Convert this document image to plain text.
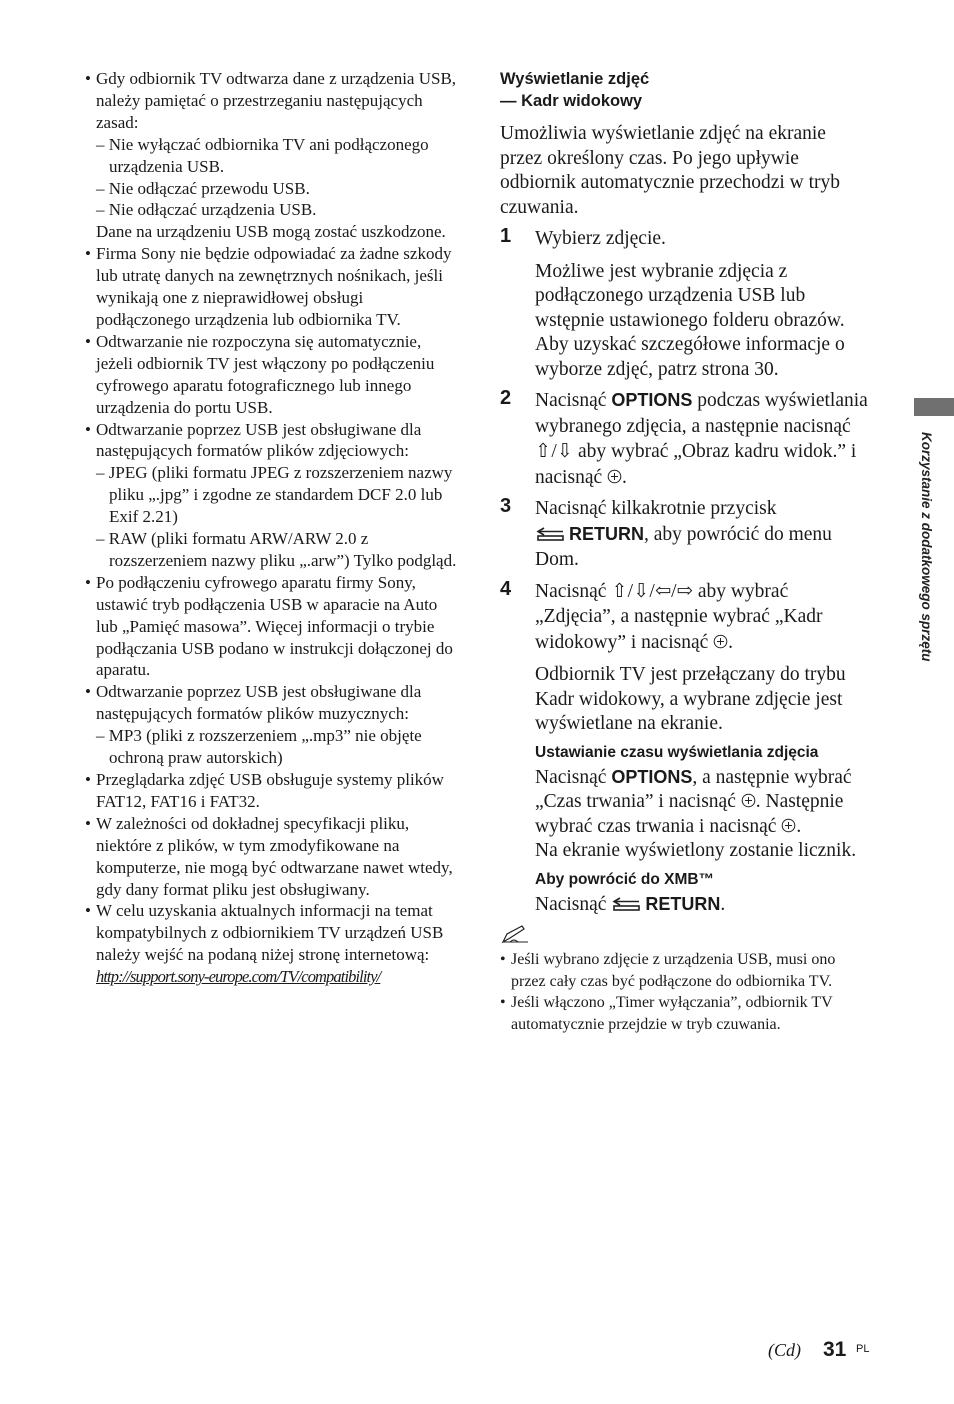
• Gdy odbiornik TV odtwarza dane z urządzenia USB, należy pamiętać o przestrzeganiu następujących zasad:
– Nie wyłączać odbiornika TV ani podłączonego urządzenia USB.
– Nie odłączać przewodu USB.
– Nie odłączać urządzenia USB.
Dane na urządzeniu USB mogą zostać uszkodzone.
• Firma Sony nie będzie odpowiadać za żadne szkody lub utratę danych na zewnętrznych nośnikach, jeśli wynikają one z nieprawidłowej obsługi podłączonego urządzenia lub odbiornika TV.
• Odtwarzanie nie rozpoczyna się automatycznie, jeżeli odbiornik TV jest włączony po podłączeniu cyfrowego aparatu fotograficznego lub innego urządzenia do portu USB.
• Odtwarzanie poprzez USB jest obsługiwane dla następujących formatów plików zdjęciowych:
– JPEG (pliki formatu JPEG z rozszerzeniem nazwy pliku „.jpg” i zgodne ze standardem DCF 2.0 lub Exif 2.21)
– RAW (pliki formatu ARW/ARW 2.0 z rozszerzeniem nazwy pliku „.arw”) Tylko podgląd.
• Po podłączeniu cyfrowego aparatu firmy Sony, ustawić tryb podłączenia USB w aparacie na Auto lub „Pamięć masowa”. Więcej informacji o trybie podłączania USB podano w instrukcji dołączonej do aparatu.
• Odtwarzanie poprzez USB jest obsługiwane dla następujących formatów plików muzycznych:
– MP3 (pliki z rozszerzeniem „.mp3” nie objęte ochroną praw autorskich)
• Przeglądarka zdjęć USB obsługuje systemy plików FAT12, FAT16 i FAT32.
• W zależności od dokładnej specyfikacji pliku, niektóre z plików, w tym zmodyfikowane na komputerze, nie mogą być odtwarzane nawet wtedy, gdy dany format pliku jest obsługiwany.
• W celu uzyskania aktualnych informacji na temat kompatybilnych z odbiornikiem TV urządzeń USB należy wejść na podaną niżej stronę internetową:
http://support.sony-europe.com/TV/compatibility/
Wyświetlanie zdjęć
— Kadr widokowy
Umożliwia wyświetlanie zdjęć na ekranie przez określony czas. Po jego upływie odbiornik automatycznie przechodzi w tryb czuwania.
1 Wybierz zdjęcie.
Możliwe jest wybranie zdjęcia z podłączonego urządzenia USB lub wstępnie ustawionego folderu obrazów. Aby uzyskać szczegółowe informacje o wyborze zdjęć, patrz strona 30.
2 Nacisnąć OPTIONS podczas wyświetlania wybranego zdjęcia, a następnie nacisnąć ⇧/⇩ aby wybrać „Obraz kadru widok.” i nacisnąć .
3 Nacisnąć kilkakrotnie przycisk
RETURN, aby powrócić do menu Dom.
4 Nacisnąć ⇧/⇩/⇦/⇨ aby wybrać „Zdjęcia”, a następnie wybrać „Kadr widokowy” i nacisnąć .
Odbiornik TV jest przełączany do trybu Kadr widokowy, a wybrane zdjęcie jest wyświetlane na ekranie.
Ustawianie czasu wyświetlania zdjęcia
Nacisnąć OPTIONS, a następnie wybrać „Czas trwania” i nacisnąć . Następnie wybrać czas trwania i nacisnąć .
Na ekranie wyświetlony zostanie licznik.
Aby powrócić do XMB™
Nacisnąć RETURN.
• Jeśli wybrano zdjęcie z urządzenia USB, musi ono przez cały czas być podłączone do odbiornika TV.
• Jeśli włączono „Timer wyłączania”, odbiornik TV automatycznie przejdzie w tryb czuwania.
Korzystanie z dodatkowego sprzętu
(Cd) 31 PL
